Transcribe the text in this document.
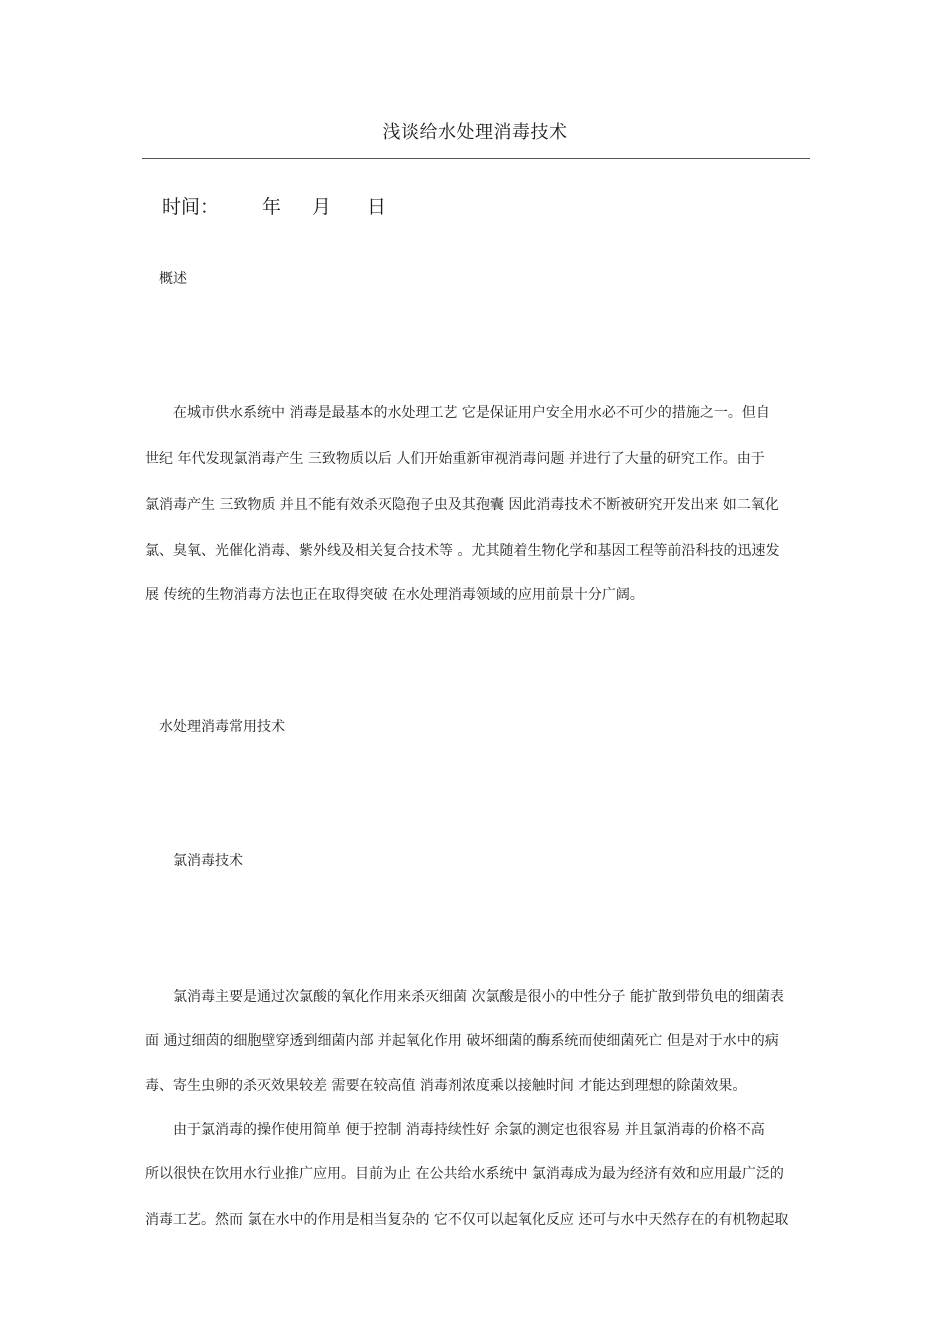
浅谈给水处理消毒技术
时间： 年 月 日
概述
在城市供水系统中 消毒是最基本的水处理工艺 它是保证用户安全用水必不可少的措施之一。但自
世纪 年代发现氯消毒产生 三致物质以后 人们开始重新审视消毒问题 并进行了大量的研究工作。由于
氯消毒产生 三致物质 并且不能有效杀灭隐孢子虫及其孢囊 因此消毒技术不断被研究开发出来 如二氧化
氯、臭氧、光催化消毒、紫外线及相关复合技术等 。尤其随着生物化学和基因工程等前沿科技的迅速发
展 传统的生物消毒方法也正在取得突破 在水处理消毒领域的应用前景十分广阔。
水处理消毒常用技术
氯消毒技术
氯消毒主要是通过次氯酸的氧化作用来杀灭细菌 次氯酸是很小的中性分子 能扩散到带负电的细菌表
面 通过细茵的细胞壁穿透到细菌内部 并起氧化作用 破坏细菌的酶系统而使细菌死亡 但是对于水中的病
毒、寄生虫卵的杀灭效果较差 需要在较高值 消毒剂浓度乘以接触时间 才能达到理想的除菌效果。
由于氯消毒的操作使用简单 便于控制 消毒持续性好 余氯的测定也很容易 并且氯消毒的价格不高
所以很快在饮用水行业推广应用。目前为止 在公共给水系统中 氯消毒成为最为经济有效和应用最广泛的
消毒工艺。然而 氯在水中的作用是相当复杂的 它不仅可以起氧化反应 还可与水中天然存在的有机物起取
